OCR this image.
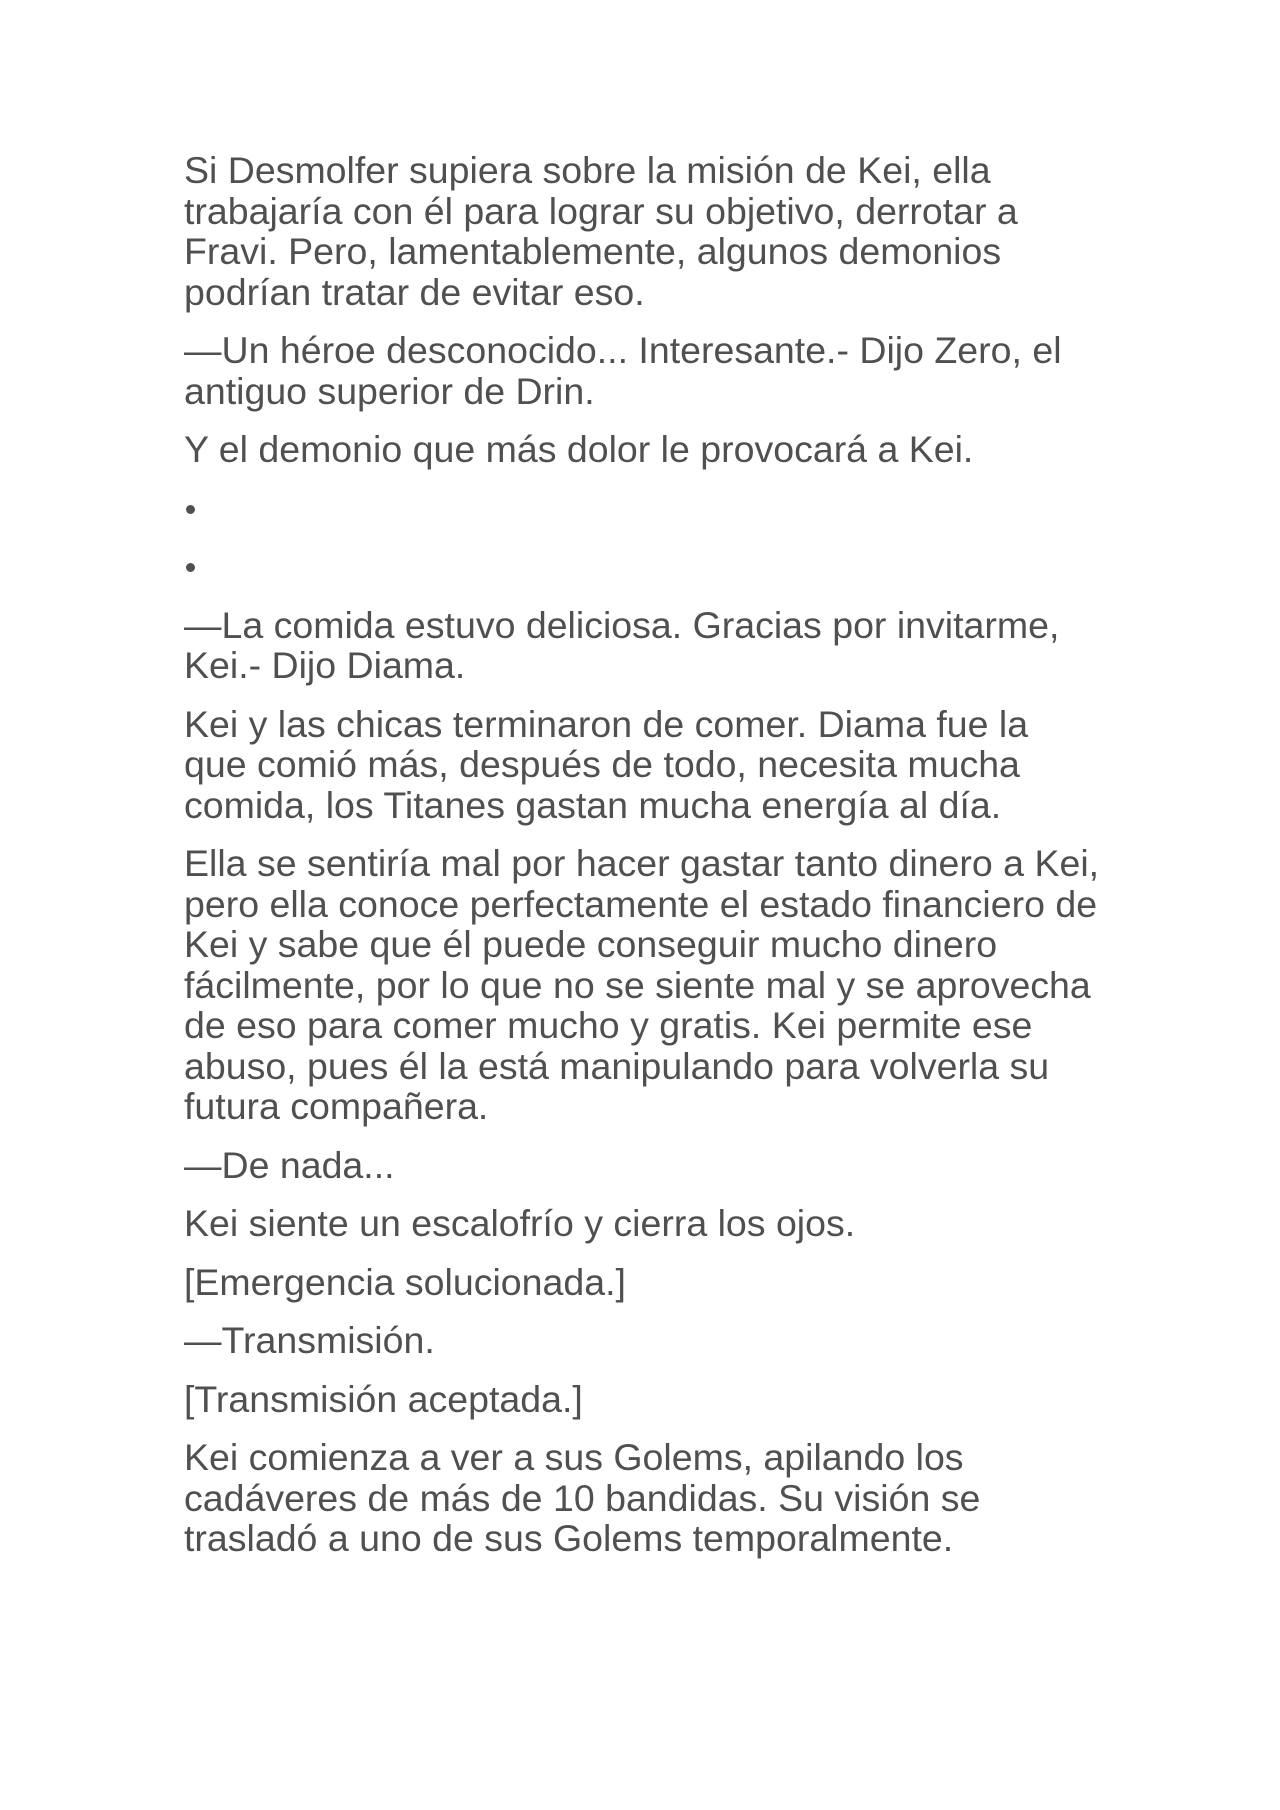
Si Desmolfer supiera sobre la misión de Kei, ella trabajaría con él para lograr su objetivo, derrotar a Fravi. Pero, lamentablemente, algunos demonios podrían tratar de evitar eso.

—Un héroe desconocido... Interesante.- Dijo Zero, el antiguo superior de Drin.

Y el demonio que más dolor le provocará a Kei.

—La comida estuvo deliciosa. Gracias por invitarme, Kei.- Dijo Diama.

Kei y las chicas terminaron de comer. Diama fue la que comió más, después de todo, necesita mucha comida, los Titanes gastan mucha energía al día.

Ella se sentiría mal por hacer gastar tanto dinero a Kei, pero ella conoce perfectamente el estado financiero de Kei y sabe que él puede conseguir mucho dinero fácilmente, por lo que no se siente mal y se aprovecha de eso para comer mucho y gratis. Kei permite ese abuso, pues él la está manipulando para volverla su futura compañera.

—De nada...

Kei siente un escalofrío y cierra los ojos.

[Emergencia solucionada.]

—Transmisión.

[Transmisión aceptada.]

Kei comienza a ver a sus Golems, apilando los cadáveres de más de 10 bandidas. Su visión se trasladó a uno de sus Golems temporalmente.
